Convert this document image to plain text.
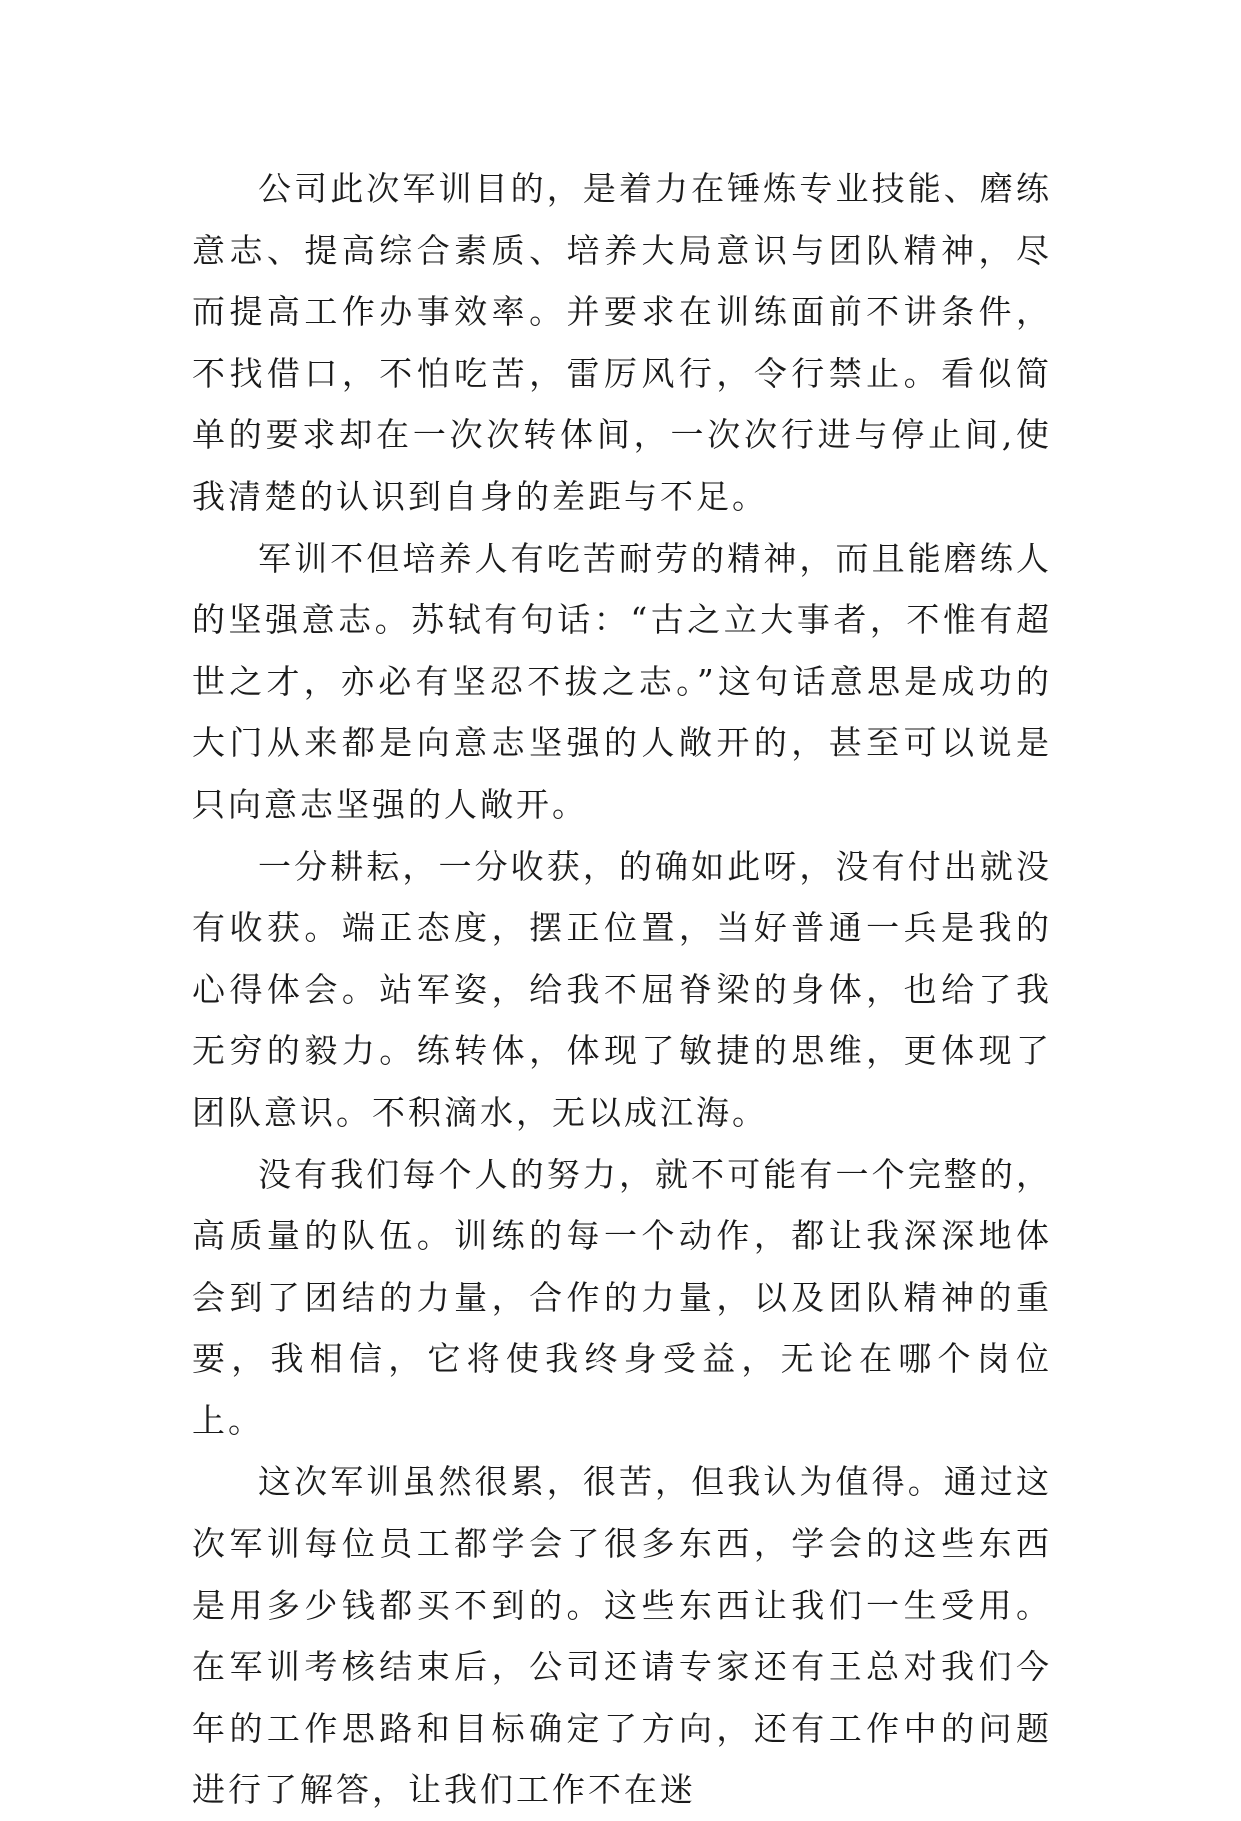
公司此次军训目的，是着力在锤炼专业技能、磨练意志、提高综合素质、培养大局意识与团队精神，尽而提高工作办事效率。并要求在训练面前不讲条件，不找借口，不怕吃苦，雷厉风行，令行禁止。看似简单的要求却在一次次转体间，一次次行进与停止间,使我清楚的认识到自身的差距与不足。

军训不但培养人有吃苦耐劳的精神，而且能磨练人的坚强意志。苏轼有句话：“古之立大事者，不惟有超世之才，亦必有坚忍不拔之志。”这句话意思是成功的大门从来都是向意志坚强的人敞开的，甚至可以说是只向意志坚强的人敞开。

一分耕耘，一分收获，的确如此呀，没有付出就没有收获。端正态度，摆正位置，当好普通一兵是我的心得体会。站军姿，给我不屈脊梁的身体，也给了我无穷的毅力。练转体，体现了敏捷的思维，更体现了团队意识。不积滴水，无以成江海。

没有我们每个人的努力，就不可能有一个完整的，高质量的队伍。训练的每一个动作，都让我深深地体会到了团结的力量，合作的力量，以及团队精神的重要，我相信，它将使我终身受益，无论在哪个岗位上。

这次军训虽然很累，很苦，但我认为值得。通过这次军训每位员工都学会了很多东西，学会的这些东西是用多少钱都买不到的。这些东西让我们一生受用。在军训考核结束后，公司还请专家还有王总对我们今年的工作思路和目标确定了方向，还有工作中的问题进行了解答，让我们工作不在迷
